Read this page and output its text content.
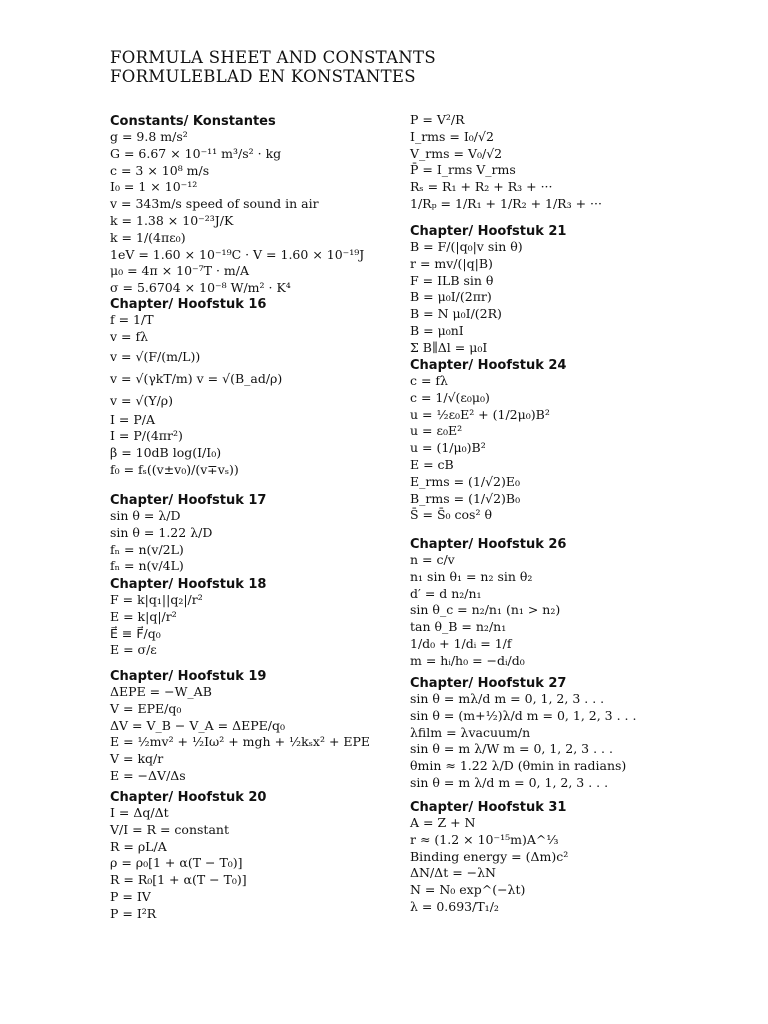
FORMULA SHEET AND CONSTANTS
FORMULEBLAD EN KONSTANTES
Constants/ Konstantes
g = 9.8 m/s²
G = 6.67 × 10⁻¹¹ m³/s² · kg
c = 3 × 10⁸ m/s
I₀ = 1 × 10⁻¹²
v = 343m/s speed of sound in air
k = 1.38 × 10⁻²³J/K
k = 1/(4πε₀)
1eV = 1.60 × 10⁻¹⁹C · V = 1.60 × 10⁻¹⁹J
μ₀ = 4π × 10⁻⁷T · m/A
σ = 5.6704 × 10⁻⁸ W/m² · K⁴
Chapter/ Hoofstuk 16
f = 1/T
v = fλ
v = √(F/(m/L))
v = √(γkT/m) v = √(B_ad/ρ)
v = √(Y/ρ)
I = P/A
I = P/(4πr²)
β = 10dB log(I/I₀)
f₀ = fₛ((v±v₀)/(v∓vₛ))
Chapter/ Hoofstuk 17
sin θ = λ/D
sin θ = 1.22 λ/D
fₙ = n(v/2L)
fₙ = n(v/4L)
Chapter/ Hoofstuk 18
F = k|q₁||q₂|/r²
E = k|q|/r²
E⃗ ≡ F⃗/q₀
E = σ/ε
Chapter/ Hoofstuk 19
ΔEPE = −W_AB
V = EPE/q₀
ΔV = V_B − V_A = ΔEPE/q₀
E = ½mv² + ½Iω² + mgh + ½kₛx² + EPE
V = kq/r
E = −ΔV/Δs
Chapter/ Hoofstuk 20
I = Δq/Δt
V/I = R = constant
R = ρL/A
ρ = ρ₀[1 + α(T − T₀)]
R = R₀[1 + α(T − T₀)]
P = IV
P = I²R
P = V²/R
I_rms = I₀/√2
V_rms = V₀/√2
P̄ = I_rms V_rms
Rₛ = R₁ + R₂ + R₃ + ···
1/Rₚ = 1/R₁ + 1/R₂ + 1/R₃ + ···
Chapter/ Hoofstuk 21
B = F/(|q₀|v sin θ)
r = mv/(|q|B)
F = ILB sin θ
B = μ₀I/(2πr)
B = N μ₀I/(2R)
B = μ₀nI
Σ B∥Δl = μ₀I
Chapter/ Hoofstuk 24
c = fλ
c = 1/√(ε₀μ₀)
u = ½ε₀E² + (1/2μ₀)B²
u = ε₀E²
u = (1/μ₀)B²
E = cB
E_rms = (1/√2)E₀
B_rms = (1/√2)B₀
S̄ = S̄₀ cos² θ
Chapter/ Hoofstuk 26
n = c/v
n₁ sin θ₁ = n₂ sin θ₂
d′ = d n₂/n₁
sin θ_c = n₂/n₁ (n₁ > n₂)
tan θ_B = n₂/n₁
1/d₀ + 1/dᵢ = 1/f
m = hᵢ/h₀ = −dᵢ/d₀
Chapter/ Hoofstuk 27
sin θ = mλ/d m = 0, 1, 2, 3 . . .
sin θ = (m+½)λ/d m = 0, 1, 2, 3 . . .
λfilm = λvacuum/n
sin θ = m λ/W m = 0, 1, 2, 3 . . .
θmin ≈ 1.22 λ/D (θmin in radians)
sin θ = m λ/d m = 0, 1, 2, 3 . . .
Chapter/ Hoofstuk 31
A = Z + N
r ≈ (1.2 × 10⁻¹⁵m)A^⅓
Binding energy = (Δm)c²
ΔN/Δt = −λN
N = N₀ exp^(−λt)
λ = 0.693/T₁/₂
